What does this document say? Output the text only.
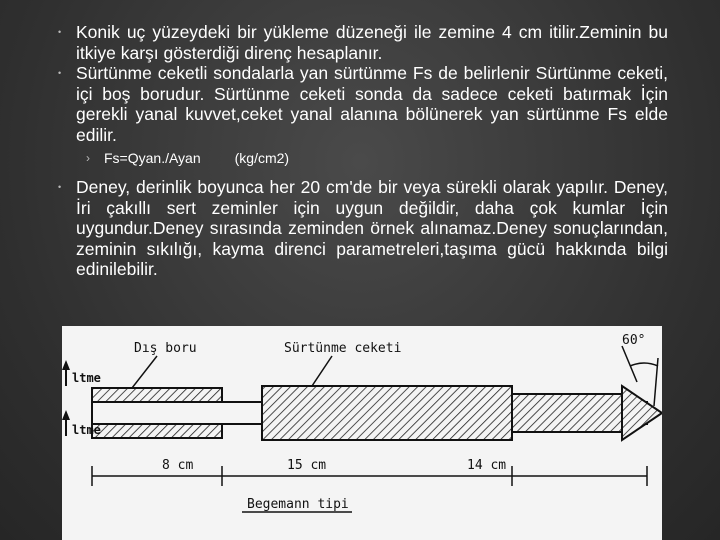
• Konik uç yüzeydeki bir yükleme düzeneği ile zemine 4 cm itilir.Zeminin bu itkiye karşı gösterdiği direnç hesaplanır.
• Sürtünme ceketli sondalarla yan sürtünme Fs de belirlenir Sürtünme ceketi, içi boş borudur. Sürtünme ceketi sonda da sadece ceketi batırmak İçin gerekli yanal kuvvet,ceket yanal alanına bölünerek yan sürtünme Fs elde edilir.
› Fs=Qyan./Ayan (kg/cm2)
• Deney, derinlik boyunca her 20 cm'de bir veya sürekli olarak yapılır. Deney, İri çakıllı sert zeminler için uygun değildir, daha çok kumlar İçin uygundur.Deney sırasında zeminden örnek alınamaz.Deney sonuçlarından, zeminin sıkılığı, kayma direnci parametreleri,taşıma gücü hakkında bilgi edinilebilir.
Dış boru	Sürtünme ceketi
ltme
ltme
60°
8 cm	15 cm	14 cm
Begemann tipi
